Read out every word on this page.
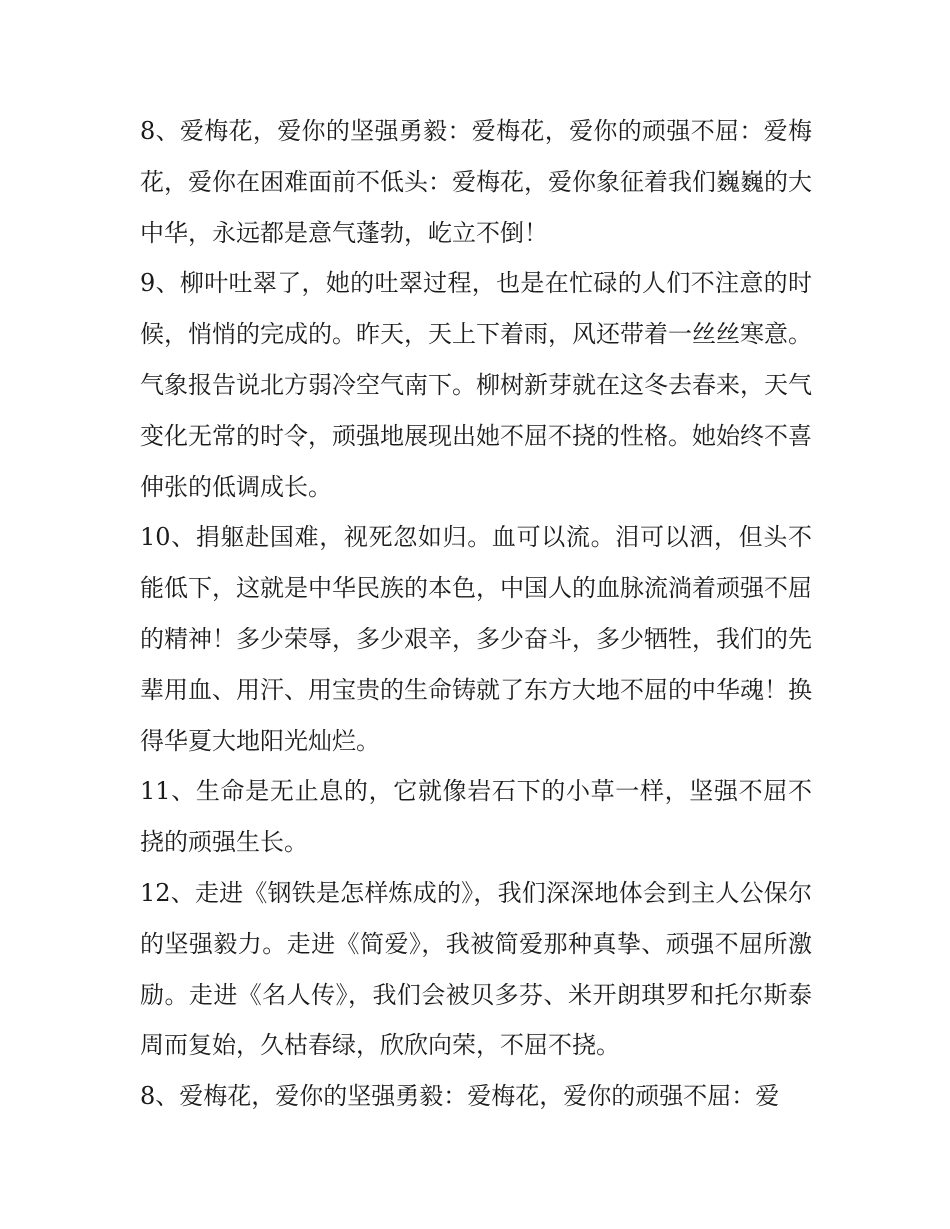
8、爱梅花，爱你的坚强勇毅：爱梅花，爱你的顽强不屈：爱梅花，爱你在困难面前不低头：爱梅花，爱你象征着我们巍巍的大中华，永远都是意气蓬勃，屹立不倒！

9、柳叶吐翠了，她的吐翠过程，也是在忙碌的人们不注意的时候，悄悄的完成的。昨天，天上下着雨，风还带着一丝丝寒意。气象报告说北方弱冷空气南下。柳树新芽就在这冬去春来，天气变化无常的时令，顽强地展现出她不屈不挠的性格。她始终不喜伸张的低调成长。

10、捐躯赴国难，视死忽如归。血可以流。泪可以洒，但头不能低下，这就是中华民族的本色，中国人的血脉流淌着顽强不屈的精神！多少荣辱，多少艰辛，多少奋斗，多少牺牲，我们的先辈用血、用汗、用宝贵的生命铸就了东方大地不屈的中华魂！换得华夏大地阳光灿烂。

11、生命是无止息的，它就像岩石下的小草一样，坚强不屈不挠的顽强生长。

12、走进《钢铁是怎样炼成的》，我们深深地体会到主人公保尔的坚强毅力。走进《简爱》，我被简爱那种真挚、顽强不屈所激励。走进《名人传》，我们会被贝多芬、米开朗琪罗和托尔斯泰周而复始，久枯春绿，欣欣向荣，不屈不挠。

8、爱梅花，爱你的坚强勇毅：爱梅花，爱你的顽强不屈：爱
